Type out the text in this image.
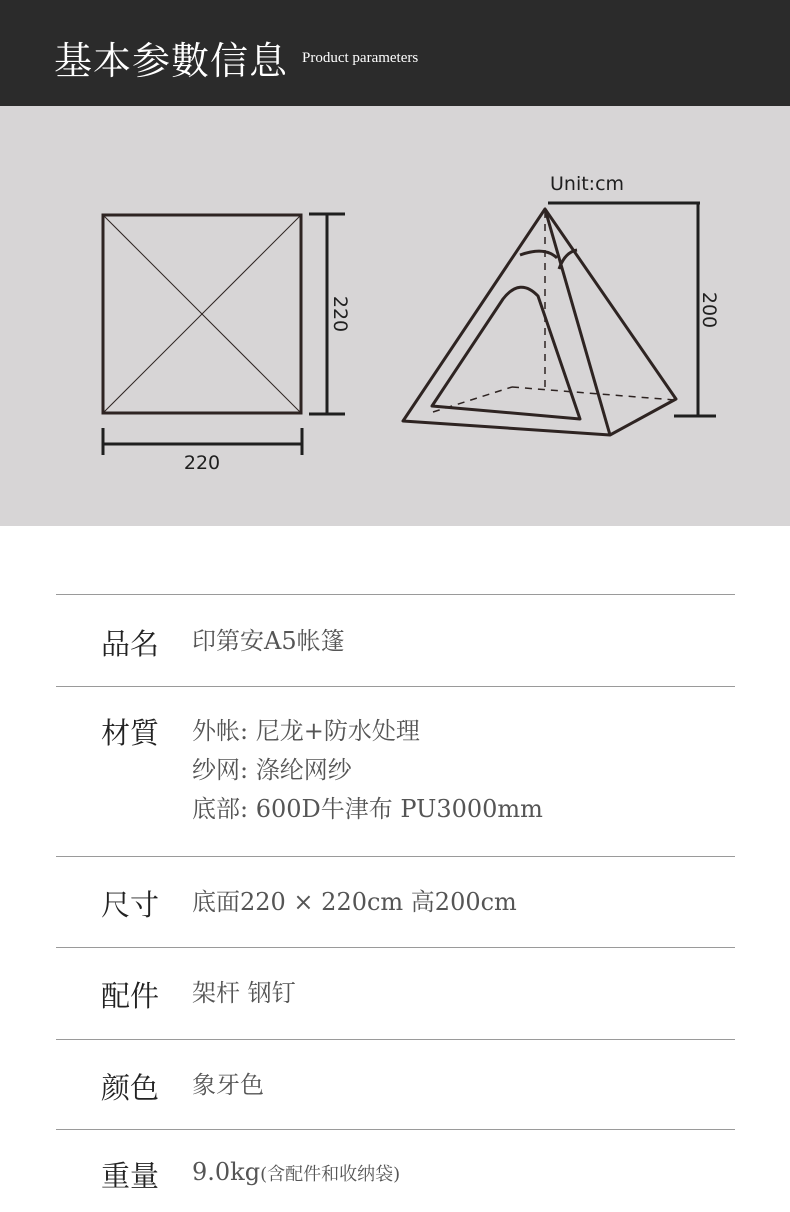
基本参數信息 Product parameters
220
220
Unit:cm
200
品名 印第安A5帐篷
材質 外帐: 尼龙+防水处理
纱网: 涤纶网纱
底部: 600D牛津布 PU3000mm
尺寸 底面220 × 220cm 高200cm
配件 架杆 钢钉
颜色 象牙色
重量 9.0kg(含配件和收纳袋)
